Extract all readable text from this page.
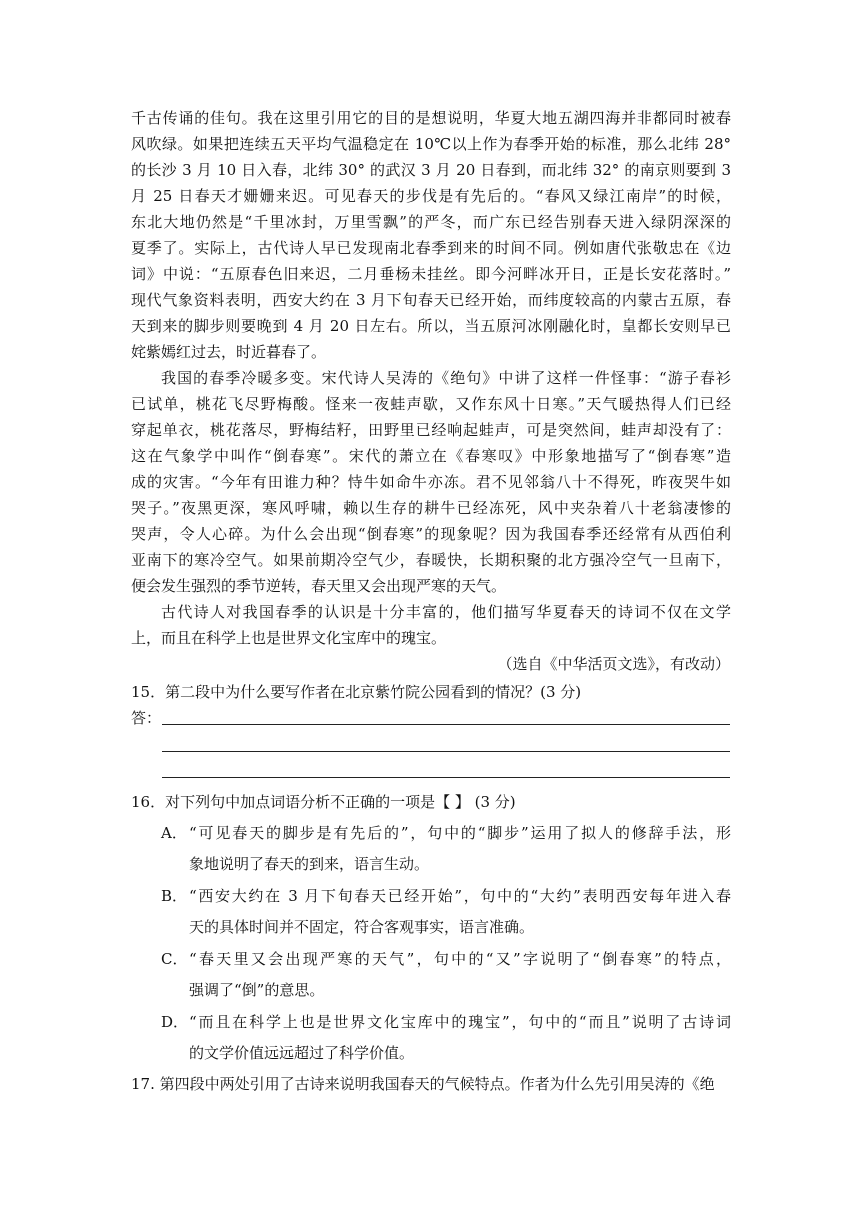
千古传诵的佳句。我在这里引用它的目的是想说明，华夏大地五湖四海并非都同时被春
风吹绿。如果把连续五天平均气温稳定在 10℃以上作为春季开始的标准，那么北纬 28°
的长沙 3 月 10 日入春，北纬 30° 的武汉 3 月 20 日春到，而北纬 32° 的南京则要到 3
月 25 日春天才姗姗来迟。可见春天的步伐是有先后的。“春风又绿江南岸”的时候，
东北大地仍然是“千里冰封，万里雪飘”的严冬，而广东已经告别春天进入绿阴深深的
夏季了。实际上，古代诗人早已发现南北春季到来的时间不同。例如唐代张敬忠在《边
词》中说：“五原春色旧来迟，二月垂杨未挂丝。即今河畔冰开日，正是长安花落时。”
现代气象资料表明，西安大约在 3 月下旬春天已经开始，而纬度较高的内蒙古五原，春
天到来的脚步则要晚到 4 月 20 日左右。所以，当五原河冰刚融化时，皇都长安则早已
姹紫嫣红过去，时近暮春了。
我国的春季冷暖多变。宋代诗人吴涛的《绝句》中讲了这样一件怪事：“游子春衫
已试单，桃花飞尽野梅酸。怪来一夜蛙声歇，又作东风十日寒。”天气暖热得人们已经
穿起单衣，桃花落尽，野梅结籽，田野里已经响起蛙声，可是突然间，蛙声却没有了：
这在气象学中叫作“倒春寒”。宋代的萧立在《春寒叹》中形象地描写了“倒春寒”造
成的灾害。“今年有田谁力种？恃牛如命牛亦冻。君不见邻翁八十不得死，昨夜哭牛如
哭子。”夜黑更深，寒风呼啸，赖以生存的耕牛已经冻死，风中夹杂着八十老翁凄惨的
哭声，令人心碎。为什么会出现“倒春寒”的现象呢？因为我国春季还经常有从西伯利
亚南下的寒冷空气。如果前期冷空气少，春暖快，长期积聚的北方强冷空气一旦南下，
便会发生强烈的季节逆转，春天里又会出现严寒的天气。
古代诗人对我国春季的认识是十分丰富的，他们描写华夏春天的诗词不仅在文学
上，而且在科学上也是世界文化宝库中的瑰宝。
（选自《中华活页文选》，有改动）
15．第二段中为什么要写作者在北京紫竹院公园看到的情况？(3 分)
答：
16．对下列句中加点词语分析不正确的一项是【 】 (3 分)
A． “可见春天的脚步是有先后的”，句中的“脚步”运用了拟人的修辞手法，形
象地说明了春天的到来，语言生动。
B． “西安大约在 3 月下旬春天已经开始”，句中的“大约”表明西安每年进入春
天的具体时间并不固定，符合客观事实，语言准确。
C． “春天里又会出现严寒的天气”，句中的“又”字说明了“倒春寒”的特点，
强调了“倒”的意思。
D． “而且在科学上也是世界文化宝库中的瑰宝”，句中的“而且”说明了古诗词
的文学价值远远超过了科学价值。
17. 第四段中两处引用了古诗来说明我国春天的气候特点。作者为什么先引用吴涛的《绝
